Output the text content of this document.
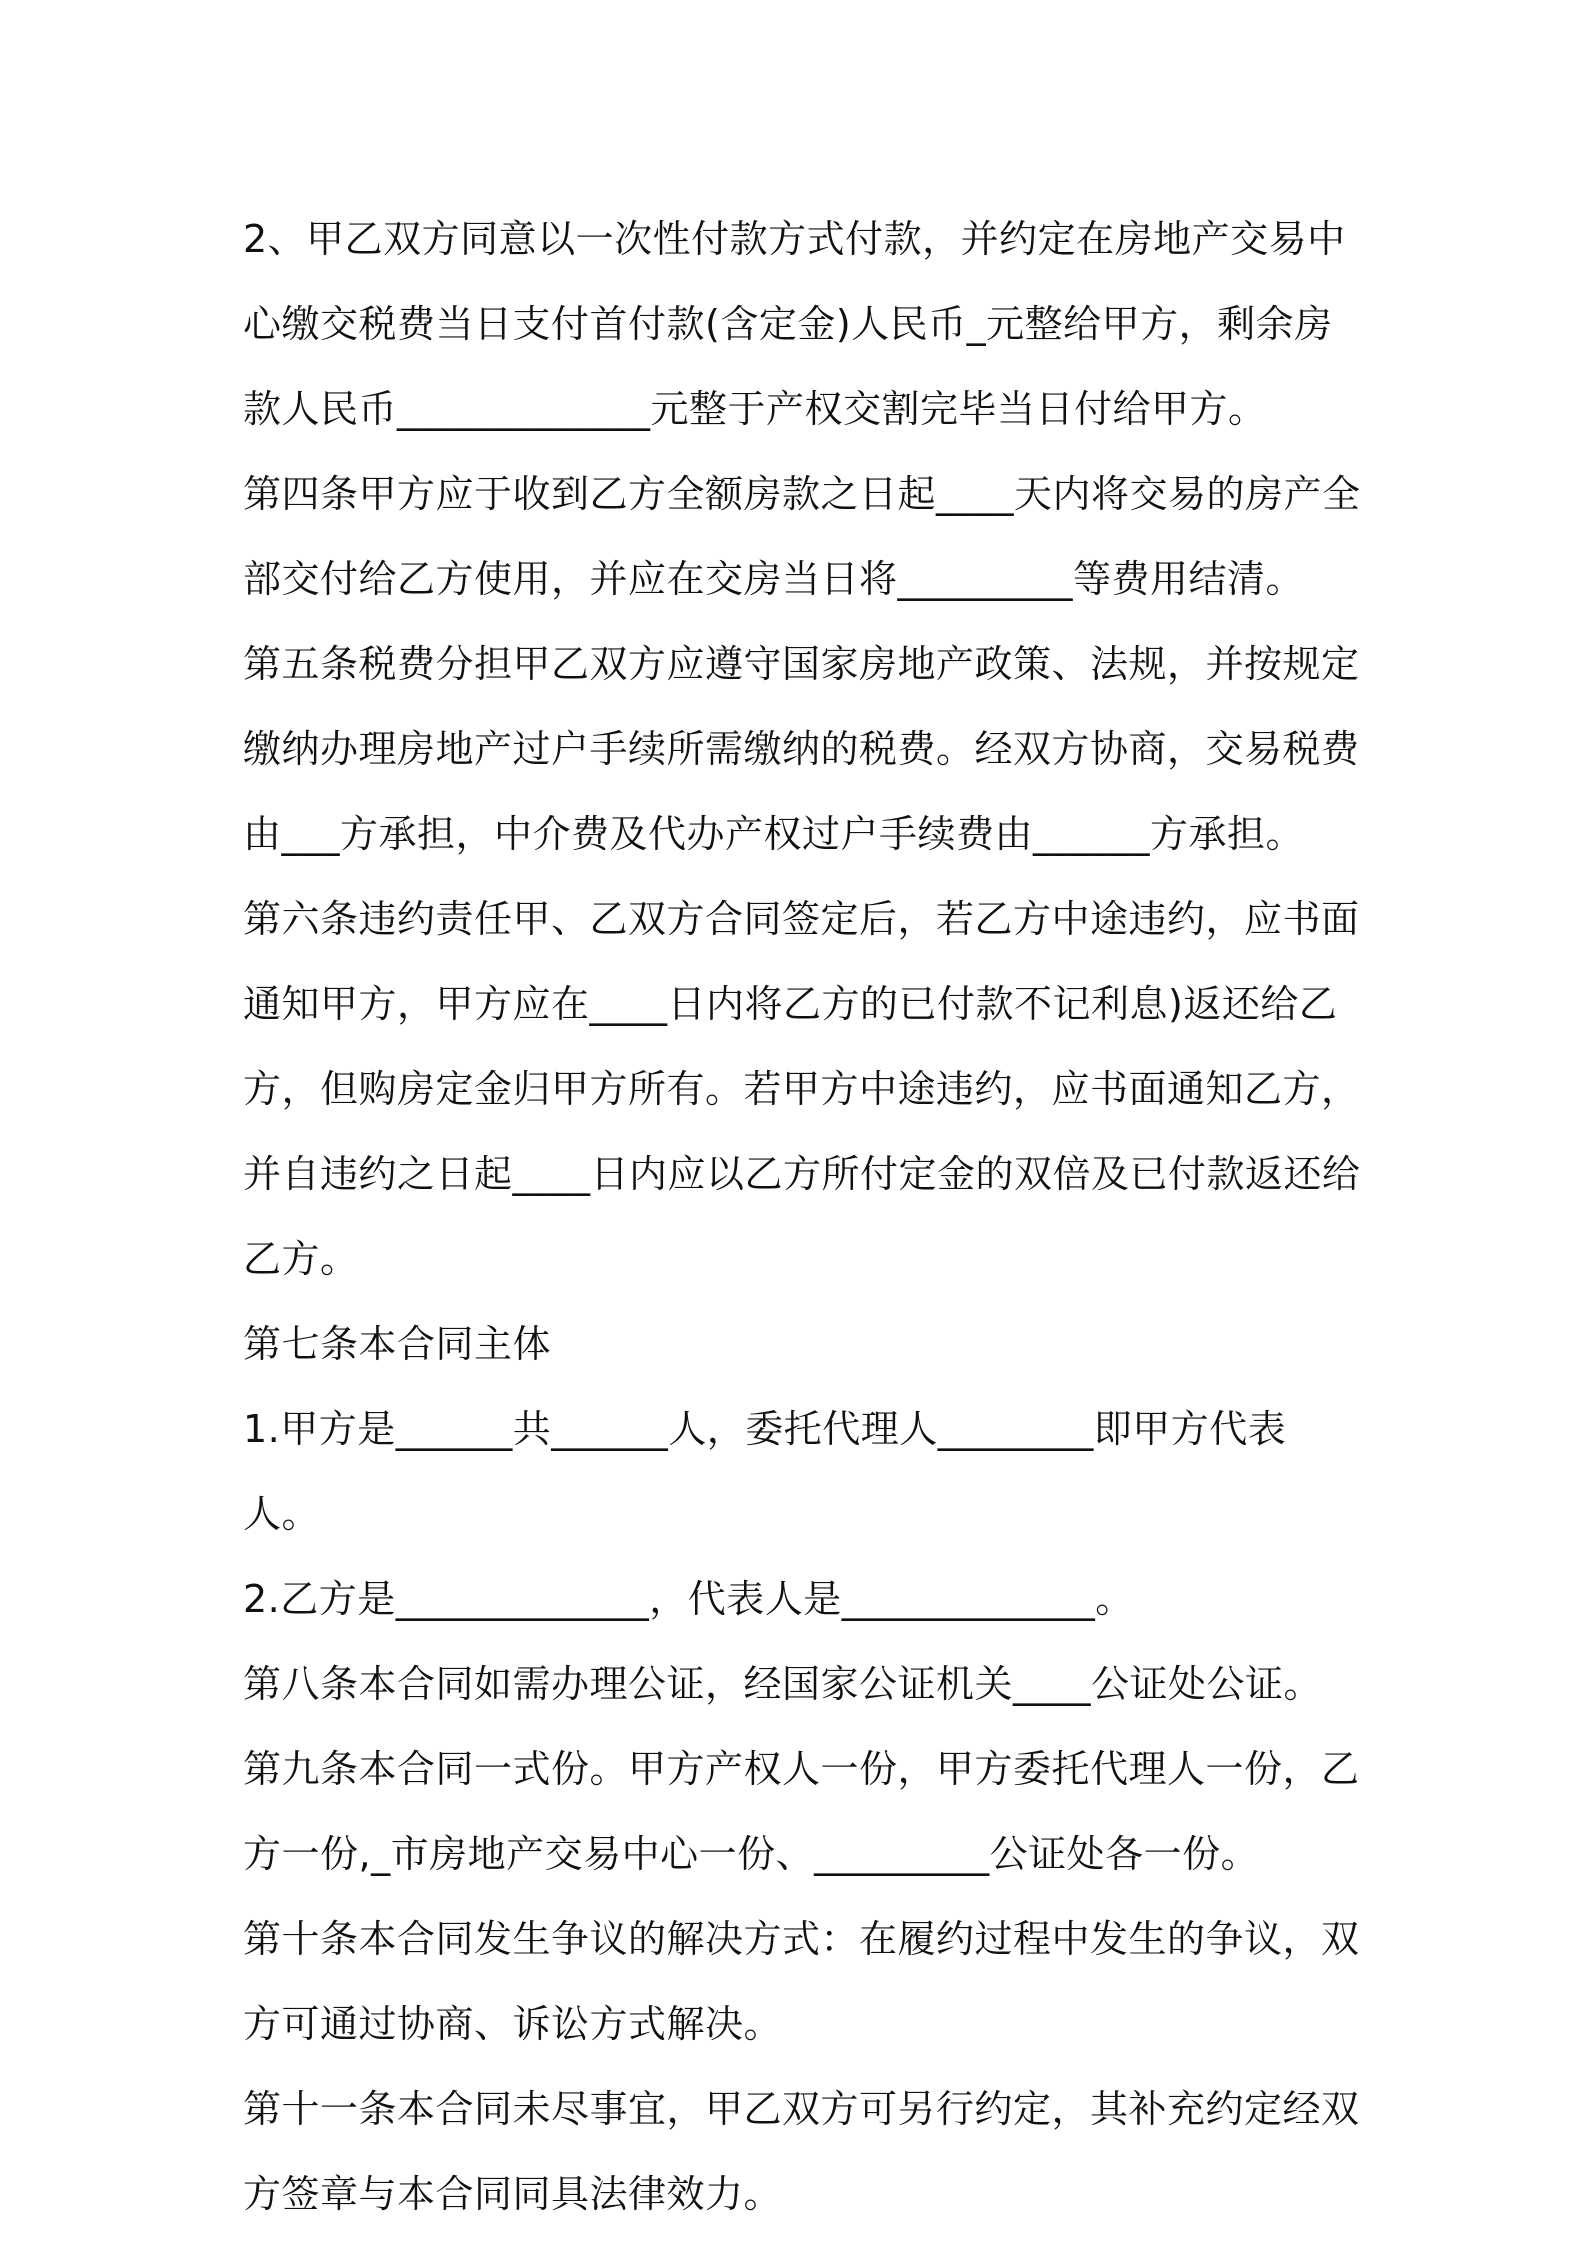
2、甲乙双方同意以一次性付款方式付款，并约定在房地产交易中心缴交税费当日支付首付款(含定金)人民币_元整给甲方，剩余房款人民币_____________元整于产权交割完毕当日付给甲方。

第四条甲方应于收到乙方全额房款之日起____天内将交易的房产全部交付给乙方使用，并应在交房当日将_________等费用结清。

第五条税费分担甲乙双方应遵守国家房地产政策、法规，并按规定缴纳办理房地产过户手续所需缴纳的税费。经双方协商，交易税费由___方承担，中介费及代办产权过户手续费由______方承担。

第六条违约责任甲、乙双方合同签定后，若乙方中途违约，应书面通知甲方，甲方应在____日内将乙方的已付款不记利息)返还给乙方，但购房定金归甲方所有。若甲方中途违约，应书面通知乙方，并自违约之日起____日内应以乙方所付定金的双倍及已付款返还给乙方。

第七条本合同主体

1.甲方是______共______人，委托代理人________即甲方代表人。

2.乙方是_____________，代表人是_____________。

第八条本合同如需办理公证，经国家公证机关____公证处公证。

第九条本合同一式份。甲方产权人一份，甲方委托代理人一份，乙方一份,_市房地产交易中心一份、_________公证处各一份。

第十条本合同发生争议的解决方式：在履约过程中发生的争议，双方可通过协商、诉讼方式解决。

第十一条本合同未尽事宜，甲乙双方可另行约定，其补充约定经双方签章与本合同同具法律效力。
